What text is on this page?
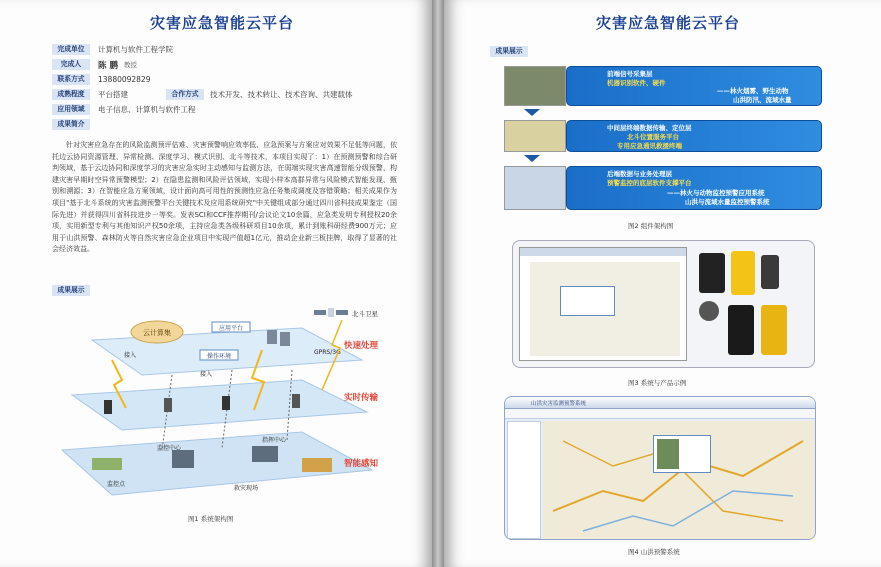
灾害应急智能云平台
完成单位	计算机与软件工程学院
完成人	陈 鹏 教授
联系方式	13880092829
成熟程度	平台搭建	合作方式	技术开发、技术转让、技术咨询、共建载体
应用领域	电子信息、计算机与软件工程
成果简介

针对灾害应急存在的风险监测预评估难、灾害预警响应效率低、应急预案与方案应对效果不足低等问题，依托边云协同资源管理、异常检测、深度学习、模式识别、北斗等技术，本项目实现了：1）在预测预警和综合研判领域，基于云边协同和深度学习的灾害应急实时主动感知与监测方法，在弱端实现灾害高速智能分级预警，构建灾害早期时空异常预警模型；2）在隐患监测和风险评估领域，实现小样本高群异常与风险模式智能发现、甄别和溯源；3）在智能应急方案领域，设计面向高可用性的预测性应急任务集成调度及容错策略；相关成果作为项目"基于北斗系统的灾害监测预警平台关键技术及应用系统研究"中关键组成部分通过四川省科技成果鉴定（国际先进）并获得四川省科技进步一等奖。发表SCI和CCF推荐期刊/会议论文10余篇，应急类发明专利授权20余项，实用新型专利与其他知识产权50余项，主持应急类各级科研项目10余项，累计到账科研经费900万元；应用于山洪预警、森林防火等自然灾害应急企业项目中实现产值超1亿元，推动企业新三板挂牌，取得了显著的社会经济效益。

成果展示
云计算集
应用平台
操作环境
北斗卫星
GPRS/3G
接入
接入
监控中心
指挥中心
监控点
救灾现场
快速处理
实时传输
智能感知
图1 系统架构图
灾害应急智能云平台
成果展示
前端信号采集层
机器识别软件、硬件
——林火烟雾、野生动物
山洪防汛、流域水量
中间层终端数据传输、定位层
北斗位置服务平台
专用应急通讯救援终端
后端数据与业务处理层
预警监控的底层软件支撑平台
——林火与动物监控预警应用系统
山洪与流域水量监控预警系统
图2 组件架构图
图3 系统与产品示例
山洪灾害监测预警系统
图4 山洪预警系统
